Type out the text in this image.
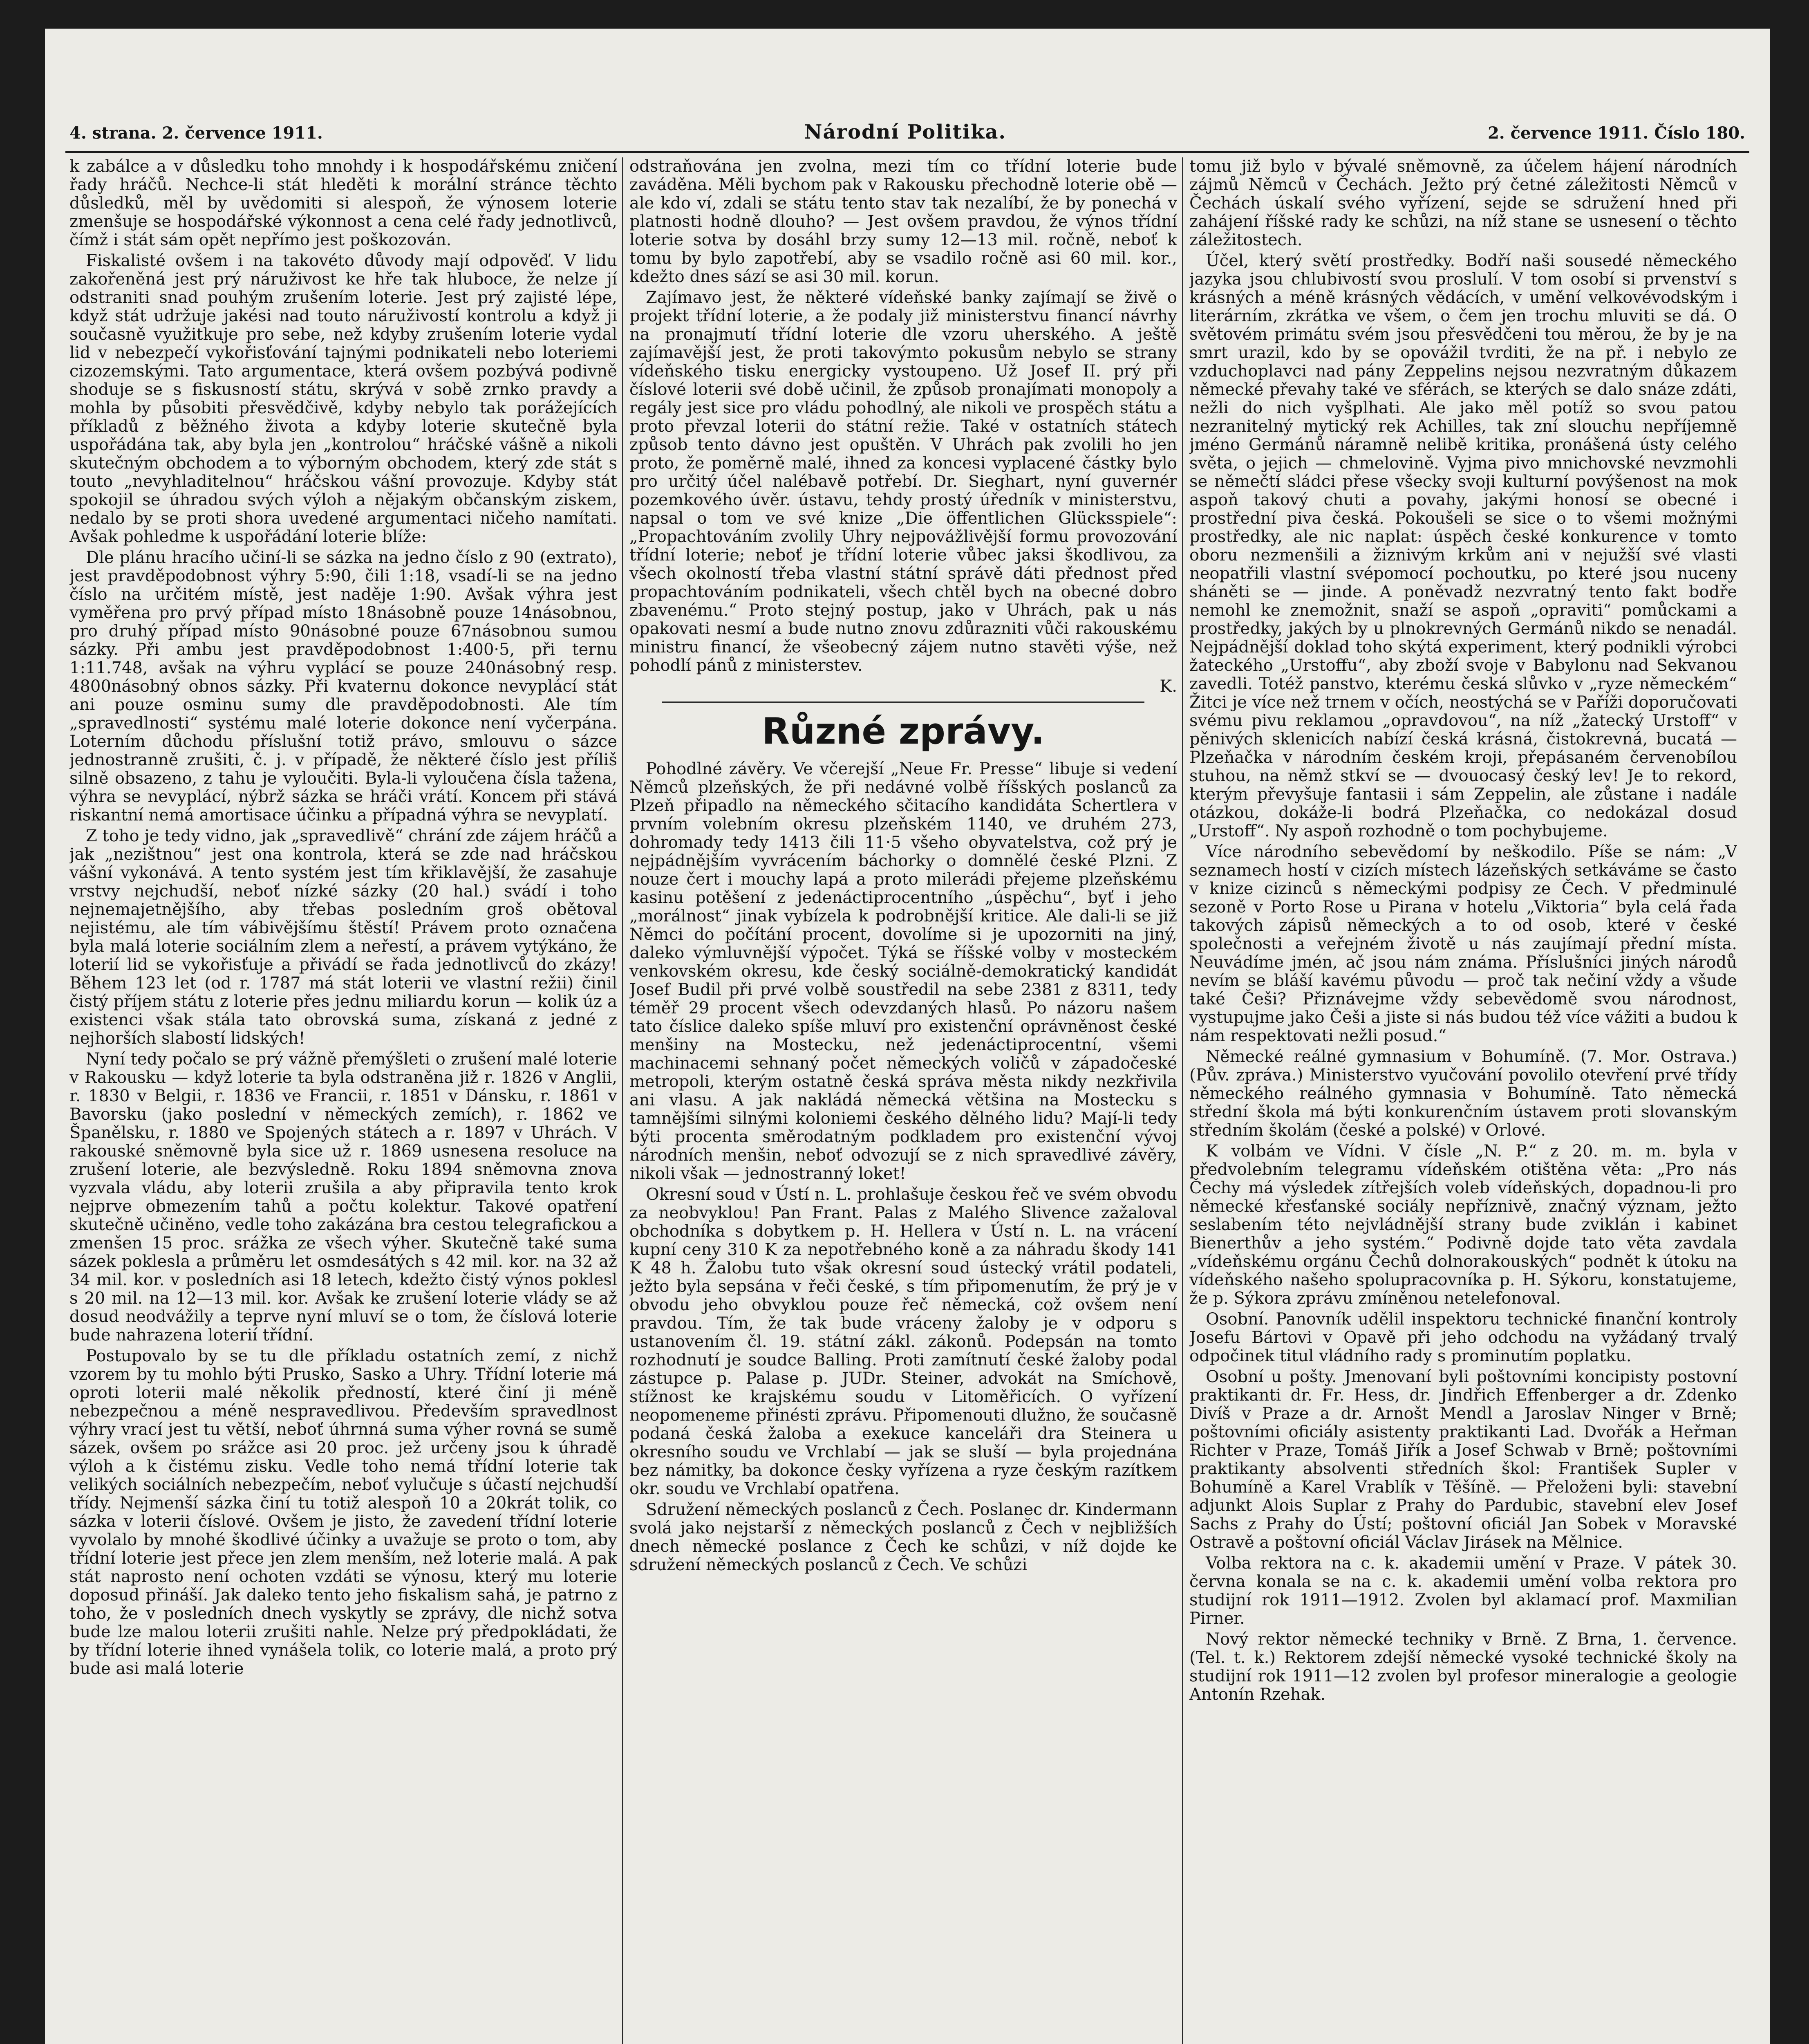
4. strana. 2. července 1911.	Národní Politika.	2. července 1911. Číslo 180.

k zabálce a v důsledku toho mnohdy i k hospodářskému zničení řady hráčů. Nechce-li stát hleděti k morální stránce těchto důsledků, měl by uvědomiti si alespoň, že výnosem loterie zmenšuje se hospodářské výkonnost a cena celé řady jednotlivců, čímž i stát sám opět nepřímo jest poškozován.

Fiskalisté ovšem i na takovéto důvody mají odpověď. V lidu zakořeněná jest prý náruživost ke hře tak hluboce, že nelze jí odstraniti snad pouhým zrušením loterie. Jest prý zajisté lépe, když stát udržuje jakési nad touto náruživostí kontrolu a když ji současně využitkuje pro sebe, než kdyby zrušením loterie vydal lid v nebezpečí vykořisťování tajnými podnikateli nebo loteriemi cizozemskými. Tato argumentace, která ovšem pozbývá podivně shoduje se s fiskusností státu, skrývá v sobě zrnko pravdy a mohla by působiti přesvědčivě, kdyby nebylo tak porážejících příkladů z běžného života a kdyby loterie skutečně byla uspořádána tak, aby byla jen „kontrolou“ hráčské vášně a nikoli skutečným obchodem a to výborným obchodem, který zde stát s touto „nevyhladitelnou“ hráčskou vášní provozuje. Kdyby stát spokojil se úhradou svých výloh a nějakým občanským ziskem, nedalo by se proti shora uvedené argumentaci ničeho namítati. Avšak pohledme k uspořádání loterie blíže:

Dle plánu hracího učiní-li se sázka na jedno číslo z 90 (extrato), jest pravděpodobnost výhry 5:90, čili 1:18, vsadí-li se na jedno číslo na určitém místě, jest naděje 1:90. Avšak výhra jest vyměřena pro prvý případ místo 18násobně pouze 14násobnou, pro druhý případ místo 90násobné pouze 67násobnou sumou sázky. Při ambu jest pravděpodobnost 1:400·5, při ternu 1:11.748, avšak na výhru vyplácí se pouze 240násobný resp. 4800násobný obnos sázky. Při kvaternu dokonce nevyplácí stát ani pouze osminu sumy dle pravděpodobnosti. Ale tím „spravedlnosti“ systému malé loterie dokonce není vyčerpána. Loterním důchodu příslušní totiž právo, smlouvu o sázce jednostranně zrušiti, č. j. v případě, že některé číslo jest příliš silně obsazeno, z tahu je vyloučiti. Byla-li vyloučena čísla tažena, výhra se nevyplácí, nýbrž sázka se hráči vrátí. Koncem při stává riskantní nemá amortisace účinku a případná výhra se nevyplatí.

Z toho je tedy vidno, jak „spravedlivě“ chrání zde zájem hráčů a jak „nezištnou“ jest ona kontrola, která se zde nad hráčskou vášní vykonává. A tento systém jest tím křiklavější, že zasahuje vrstvy nejchudší, neboť nízké sázky (20 hal.) svádí i toho nejnemajetnějšího, aby třebas posledním groš obětoval nejistému, ale tím vábivějšímu štěstí! Právem proto označena byla malá loterie sociálním zlem a neřestí, a právem vytýkáno, že loterií lid se vykořisťuje a přivádí se řada jednotlivců do zkázy! Během 123 let (od r. 1787 má stát loterii ve vlastní režii) činil čistý příjem státu z loterie přes jednu miliardu korun — kolik úz a existenci však stála tato obrovská suma, získaná z jedné z nejhorších slabostí lidských!

Nyní tedy počalo se prý vážně přemýšleti o zrušení malé loterie v Rakousku — když loterie ta byla odstraněna již r. 1826 v Anglii, r. 1830 v Belgii, r. 1836 ve Francii, r. 1851 v Dánsku, r. 1861 v Bavorsku (jako poslední v německých zemích), r. 1862 ve Španělsku, r. 1880 ve Spojených státech a r. 1897 v Uhrách. V rakouské sněmovně byla sice už r. 1869 usnesena resoluce na zrušení loterie, ale bezvýsledně. Roku 1894 sněmovna znova vyzvala vládu, aby loterii zrušila a aby připravila tento krok nejprve obmezením tahů a počtu kolektur. Takové opatření skutečně učiněno, vedle toho zakázána bra cestou telegrafickou a zmenšen 15 proc. srážka ze všech výher. Skutečně také suma sázek poklesla a průměru let osmdesátých s 42 mil. kor. na 32 až 34 mil. kor. v posledních asi 18 letech, kdežto čistý výnos poklesl s 20 mil. na 12—13 mil. kor. Avšak ke zrušení loterie vlády se až dosud neodvážily a teprve nyní mluví se o tom, že číslová loterie bude nahrazena loterií třídní.

Postupovalo by se tu dle příkladu ostatních zemí, z nichž vzorem by tu mohlo býti Prusko, Sasko a Uhry. Třídní loterie má oproti loterii malé několik předností, které činí ji méně nebezpečnou a méně nespravedlivou. Především spravedlnost výhry vrací jest tu větší, neboť úhrnná suma výher rovná se sumě sázek, ovšem po srážce asi 20 proc. jež určeny jsou k úhradě výloh a k čistému zisku. Vedle toho nemá třídní loterie tak velikých sociálních nebezpečím, neboť vylučuje s účastí nejchudší třídy. Nejmenší sázka činí tu totiž alespoň 10 a 20krát tolik, co sázka v loterii číslové. Ovšem je jisto, že zavedení třídní loterie vyvolalo by mnohé škodlivé účinky a uvažuje se proto o tom, aby třídní loterie jest přece jen zlem menším, než loterie malá. A pak stát naprosto není ochoten vzdáti se výnosu, který mu loterie doposud přináší. Jak daleko tento jeho fiskalism sahá, je patrno z toho, že v posledních dnech vyskytly se zprávy, dle nichž sotva bude lze malou loterii zrušiti nahle. Nelze prý předpokládati, že by třídní loterie ihned vynášela tolik, co loterie malá, a proto prý bude asi malá loterie

odstraňována jen zvolna, mezi tím co třídní loterie bude zaváděna. Měli bychom pak v Rakousku přechodně loterie obě — ale kdo ví, zdali se státu tento stav tak nezalíbí, že by ponechá v platnosti hodně dlouho? — Jest ovšem pravdou, že výnos třídní loterie sotva by dosáhl brzy sumy 12—13 mil. ročně, neboť k tomu by bylo zapotřebí, aby se vsadilo ročně asi 60 mil. kor., kdežto dnes sází se asi 30 mil. korun.

Zajímavo jest, že některé vídeňské banky zajímají se živě o projekt třídní loterie, a že podaly již ministerstvu financí návrhy na pronajmutí třídní loterie dle vzoru uherského. A ještě zajímavější jest, že proti takovýmto pokusům nebylo se strany vídeňského tisku energicky vystoupeno. Už Josef II. prý při číslové loterii své době učinil, že způsob pronajímati monopoly a regály jest sice pro vládu pohodlný, ale nikoli ve prospěch státu a proto převzal loterii do státní režie. Také v ostatních státech způsob tento dávno jest opuštěn. V Uhrách pak zvolili ho jen proto, že poměrně malé, ihned za koncesi vyplacené částky bylo pro určitý účel nalébavě potřebí. Dr. Sieghart, nyní guvernér pozemkového úvěr. ústavu, tehdy prostý úředník v ministerstvu, napsal o tom ve své knize „Die öffentlichen Glücksspiele“: „Propachtováním zvolily Uhry nejpovážlivější formu provozování třídní loterie; neboť je třídní loterie vůbec jaksi škodlivou, za všech okolností třeba vlastní státní správě dáti přednost před propachtováním podnikateli, všech chtěl bych na obecné dobro zbavenému.“ Proto stejný postup, jako v Uhrách, pak u nás opakovati nesmí a bude nutno znovu zdůrazniti vůči rakouskému ministru financí, že všeobecný zájem nutno stavěti výše, než pohodlí pánů z ministerstev.

K.
Různé zprávy.

Pohodlné závěry. Ve včerejší „Neue Fr. Presse“ libuje si vedení Němců plzeňských, že při nedávné volbě říšských poslanců za Plzeň připadlo na německého sčitacího kandidáta Schertlera v prvním volebním okresu plzeňském 1140, ve druhém 273, dohromady tedy 1413 čili 11·5 všeho obyvatelstva, což prý je nejpádnějším vyvrácením báchorky o domnělé české Plzni. Z nouze čert i mouchy lapá a proto milerádi přejeme plzeňskému kasinu potěšení z jedenáctiprocentního „úspěchu“, byť i jeho „morálnost“ jinak vybízela k podrobnější kritice. Ale dali-li se již Němci do počítání procent, dovolíme si je upozorniti na jiný, daleko výmluvnější výpočet. Týká se říšské volby v mosteckém venkovském okresu, kde český sociálně-demokratický kandidát Josef Budil při prvé volbě soustředil na sebe 2381 z 8311, tedy téměř 29 procent všech odevzdaných hlasů. Po názoru našem tato číslice daleko spíše mluví pro existenční oprávněnost české menšiny na Mostecku, než jedenáctiprocentní, všemi machinacemi sehnaný počet německých voličů v západočeské metropoli, kterým ostatně česká správa města nikdy nezkřivila ani vlasu. A jak nakládá německá většina na Mostecku s tamnějšími silnými koloniemi českého dělného lidu? Mají-li tedy býti procenta směrodatným podkladem pro existenční vývoj národních menšin, neboť odvozují se z nich spravedlivé závěry, nikoli však — jednostranný loket!

Okresní soud v Ústí n. L. prohlašuje českou řeč ve svém obvodu za neobvyklou! Pan Frant. Palas z Malého Slivence zažaloval obchodníka s dobytkem p. H. Hellera v Ústí n. L. na vrácení kupní ceny 310 K za nepotřebného koně a za náhradu škody 141 K 48 h. Žalobu tuto však okresní soud ústecký vrátil podateli, ježto byla sepsána v řeči české, s tím připomenutím, že prý je v obvodu jeho obvyklou pouze řeč německá, což ovšem není pravdou. Tím, že tak bude vráceny žaloby je v odporu s ustanovením čl. 19. státní zákl. zákonů. Podepsán na tomto rozhodnutí je soudce Balling. Proti zamítnutí české žaloby podal zástupce p. Palase p. JUDr. Steiner, advokát na Smíchově, stížnost ke krajskému soudu v Litoměřicích. O vyřízení neopomeneme přinésti zprávu. Připomenouti dlužno, že současně podaná česká žaloba a exekuce kanceláři dra Steinera u okresního soudu ve Vrchlabí — jak se sluší — byla projednána bez námitky, ba dokonce česky vyřízena a ryze českým razítkem okr. soudu ve Vrchlabí opatřena.

Sdružení německých poslanců z Čech. Poslanec dr. Kindermann svolá jako nejstarší z německých poslanců z Čech v nejbližších dnech německé poslance z Čech ke schůzi, v níž dojde ke sdružení německých poslanců z Čech. Ve schůzi

tomu již bylo v bývalé sněmovně, za účelem hájení národních zájmů Němců v Čechách. Ježto prý četné záležitosti Němců v Čechách úskalí svého vyřízení, sejde se sdružení hned při zahájení říšské rady ke schůzi, na níž stane se usnesení o těchto záležitostech.

Účel, který světí prostředky. Bodří naši sousedé německého jazyka jsou chlubivostí svou proslulí. V tom osobí si prvenství s krásných a méně krásných vědácích, v umění velkovévodským i literárním, zkrátka ve všem, o čem jen trochu mluviti se dá. O světovém primátu svém jsou přesvědčeni tou měrou, že by je na smrt urazil, kdo by se opovážil tvrditi, že na př. i nebylo ze vzduchoplavci nad pány Zeppelins nejsou nezvratným důkazem německé převahy také ve sférách, se kterých se dalo snáze zdáti, nežli do nich vyšplhati. Ale jako měl potíž so svou patou nezranitelný mytický rek Achilles, tak zní slouchu nepříjemně jméno Germánů náramně nelibě kritika, pronášená ústy celého světa, o jejich — chmelovině. Vyjma pivo mnichovské nevzmohli se němečtí sládci přese všecky svoji kulturní povýšenost na mok aspoň takový chuti a povahy, jakými honosí se obecné i prostřední piva česká. Pokoušeli se sice o to všemi možnými prostředky, ale nic naplat: úspěch české konkurence v tomto oboru nezmenšili a žiznivým krkům ani v nejužší své vlasti neopatřili vlastní svépomocí pochoutku, po které jsou nuceny sháněti se — jinde. A poněvadž nezvratný tento fakt bodře nemohl ke znemožnit, snaží se aspoň „opraviti“ pomůckami a prostředky, jakých by u plnokrevných Germánů nikdo se nenadál. Nejpádnější doklad toho skýtá experiment, který podnikli výrobci žateckého „Urstoffu“, aby zboží svoje v Babylonu nad Sekvanou zavedli. Totéž panstvo, kterému česká slůvko v „ryze německém“ Žitci je více než trnem v očích, neostýchá se v Paříži doporučovati svému pivu reklamou „opravdovou“, na níž „žatecký Urstoff“ v pěnivých sklenicích nabízí česká krásná, čistokrevná, bucatá — Plzeňačka v národním českém kroji, přepásaném červenobílou stuhou, na němž stkví se — dvouocasý český lev! Je to rekord, kterým převyšuje fantasii i sám Zeppelin, ale zůstane i nadále otázkou, dokáže-li bodrá Plzeňačka, co nedokázal dosud „Urstoff“. Ny aspoň rozhodně o tom pochybujeme.

Více národního sebevědomí by neškodilo. Píše se nám: „V seznamech hostí v cizích místech lázeňských setkáváme se často v knize cizinců s německými podpisy ze Čech. V předminulé sezoně v Porto Rose u Pirana v hotelu „Viktoria“ byla celá řada takových zápisů německých a to od osob, které v české společnosti a veřejném životě u nás zaujímají přední místa. Neuvádíme jmén, ač jsou nám známa. Příslušníci jiných národů nevím se bláší kavému původu — proč tak nečiní vždy a všude také Češi? Přiznávejme vždy sebevědomě svou národnost, vystupujme jako Češi a jiste si nás budou též více vážiti a budou k nám respektovati nežli posud.“

Německé reálné gymnasium v Bohumíně. (7. Mor. Ostrava.) (Pův. zpráva.) Ministerstvo vyučování povolilo otevření prvé třídy německého reálného gymnasia v Bohumíně. Tato německá střední škola má býti konkurenčním ústavem proti slovanským středním školám (české a polské) v Orlové.

K volbám ve Vídni. V čísle „N. P.“ z 20. m. m. byla v předvolebním telegramu vídeňském otištěna věta: „Pro nás Čechy má výsledek zítřejších voleb vídeňských, dopadnou-li pro německé křesťanské sociály nepříznivě, značný význam, ježto seslabením této nejvládnější strany bude zviklán i kabinet Bienerthův a jeho systém.“ Podivně dojde tato věta zavdala „vídeňskému orgánu Čechů dolnorakouských“ podnět k útoku na vídeňského našeho spolupracovníka p. H. Sýkoru, konstatujeme, že p. Sýkora zprávu zmíněnou netelefonoval.

Osobní. Panovník udělil inspektoru technické finanční kontroly Josefu Bártovi v Opavě při jeho odchodu na vyžádaný trvalý odpočinek titul vládního rady s prominutím poplatku.

Osobní u pošty. Jmenovaní byli poštovními koncipisty postovní praktikanti dr. Fr. Hess, dr. Jindřich Effenberger a dr. Zdenko Divíš v Praze a dr. Arnošt Mendl a Jaroslav Ninger v Brně; poštovními oficiály asistenty praktikanti Lad. Dvořák a Heřman Richter v Praze, Tomáš Jiřík a Josef Schwab v Brně; poštovními praktikanty absolventi středních škol: František Supler v Bohumíně a Karel Vrablík v Těšíně. — Přeloženi byli: stavební adjunkt Alois Suplar z Prahy do Pardubic, stavební elev Josef Sachs z Prahy do Ústí; poštovní oficiál Jan Sobek v Moravské Ostravě a poštovní oficiál Václav Jirásek na Mělnice.

Volba rektora na c. k. akademii umění v Praze. V pátek 30. června konala se na c. k. akademii umění volba rektora pro studijní rok 1911—1912. Zvolen byl aklamací prof. Maxmilian Pirner.

Nový rektor německé techniky v Brně. Z Brna, 1. července. (Tel. t. k.) Rektorem zdejší německé vysoké technické školy na studijní rok 1911—12 zvolen byl profesor mineralogie a geologie Antonín Rzehak.
